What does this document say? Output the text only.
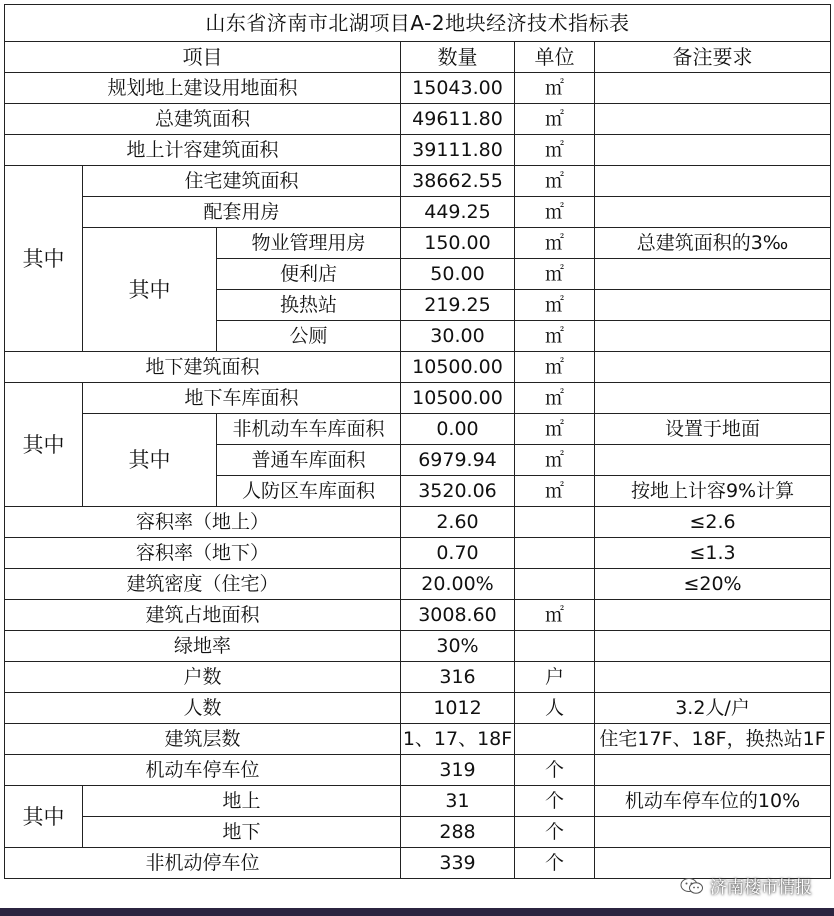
山东省济南市北湖项目A-2地块经济技术指标表					
项目			数量	单位	备注要求
规划地上建设用地面积			15043.00	㎡	
总建筑面积			49611.80	㎡	
地上计容建筑面积			39111.80	㎡	
其中	住宅建筑面积		38662.55	㎡	
	配套用房		449.25	㎡	
	其中	物业管理用房	150.00	㎡	总建筑面积的3‰
		便利店	50.00	㎡	
		换热站	219.25	㎡	
		公厕	30.00	㎡	
地下建筑面积			10500.00	㎡	
其中	地下车库面积		10500.00	㎡	
	其中	非机动车车库面积	0.00	㎡	设置于地面
		普通车库面积	6979.94	㎡	
		人防区车库面积	3520.06	㎡	按地上计容9%计算
容积率（地上）			2.60		≤2.6
容积率（地下）			0.70		≤1.3
建筑密度（住宅）			20.00%		≤20%
建筑占地面积			3008.60	㎡	
绿地率			30%		
户数			316	户	
人数			1012	人	3.2人/户
建筑层数			1、17、18F		住宅17F、18F，换热站1F
机动车停车位			319	个	
其中	地上		31	个	机动车停车位的10%
	地下		288	个	
非机动停车位			339	个	
济南楼市情报
